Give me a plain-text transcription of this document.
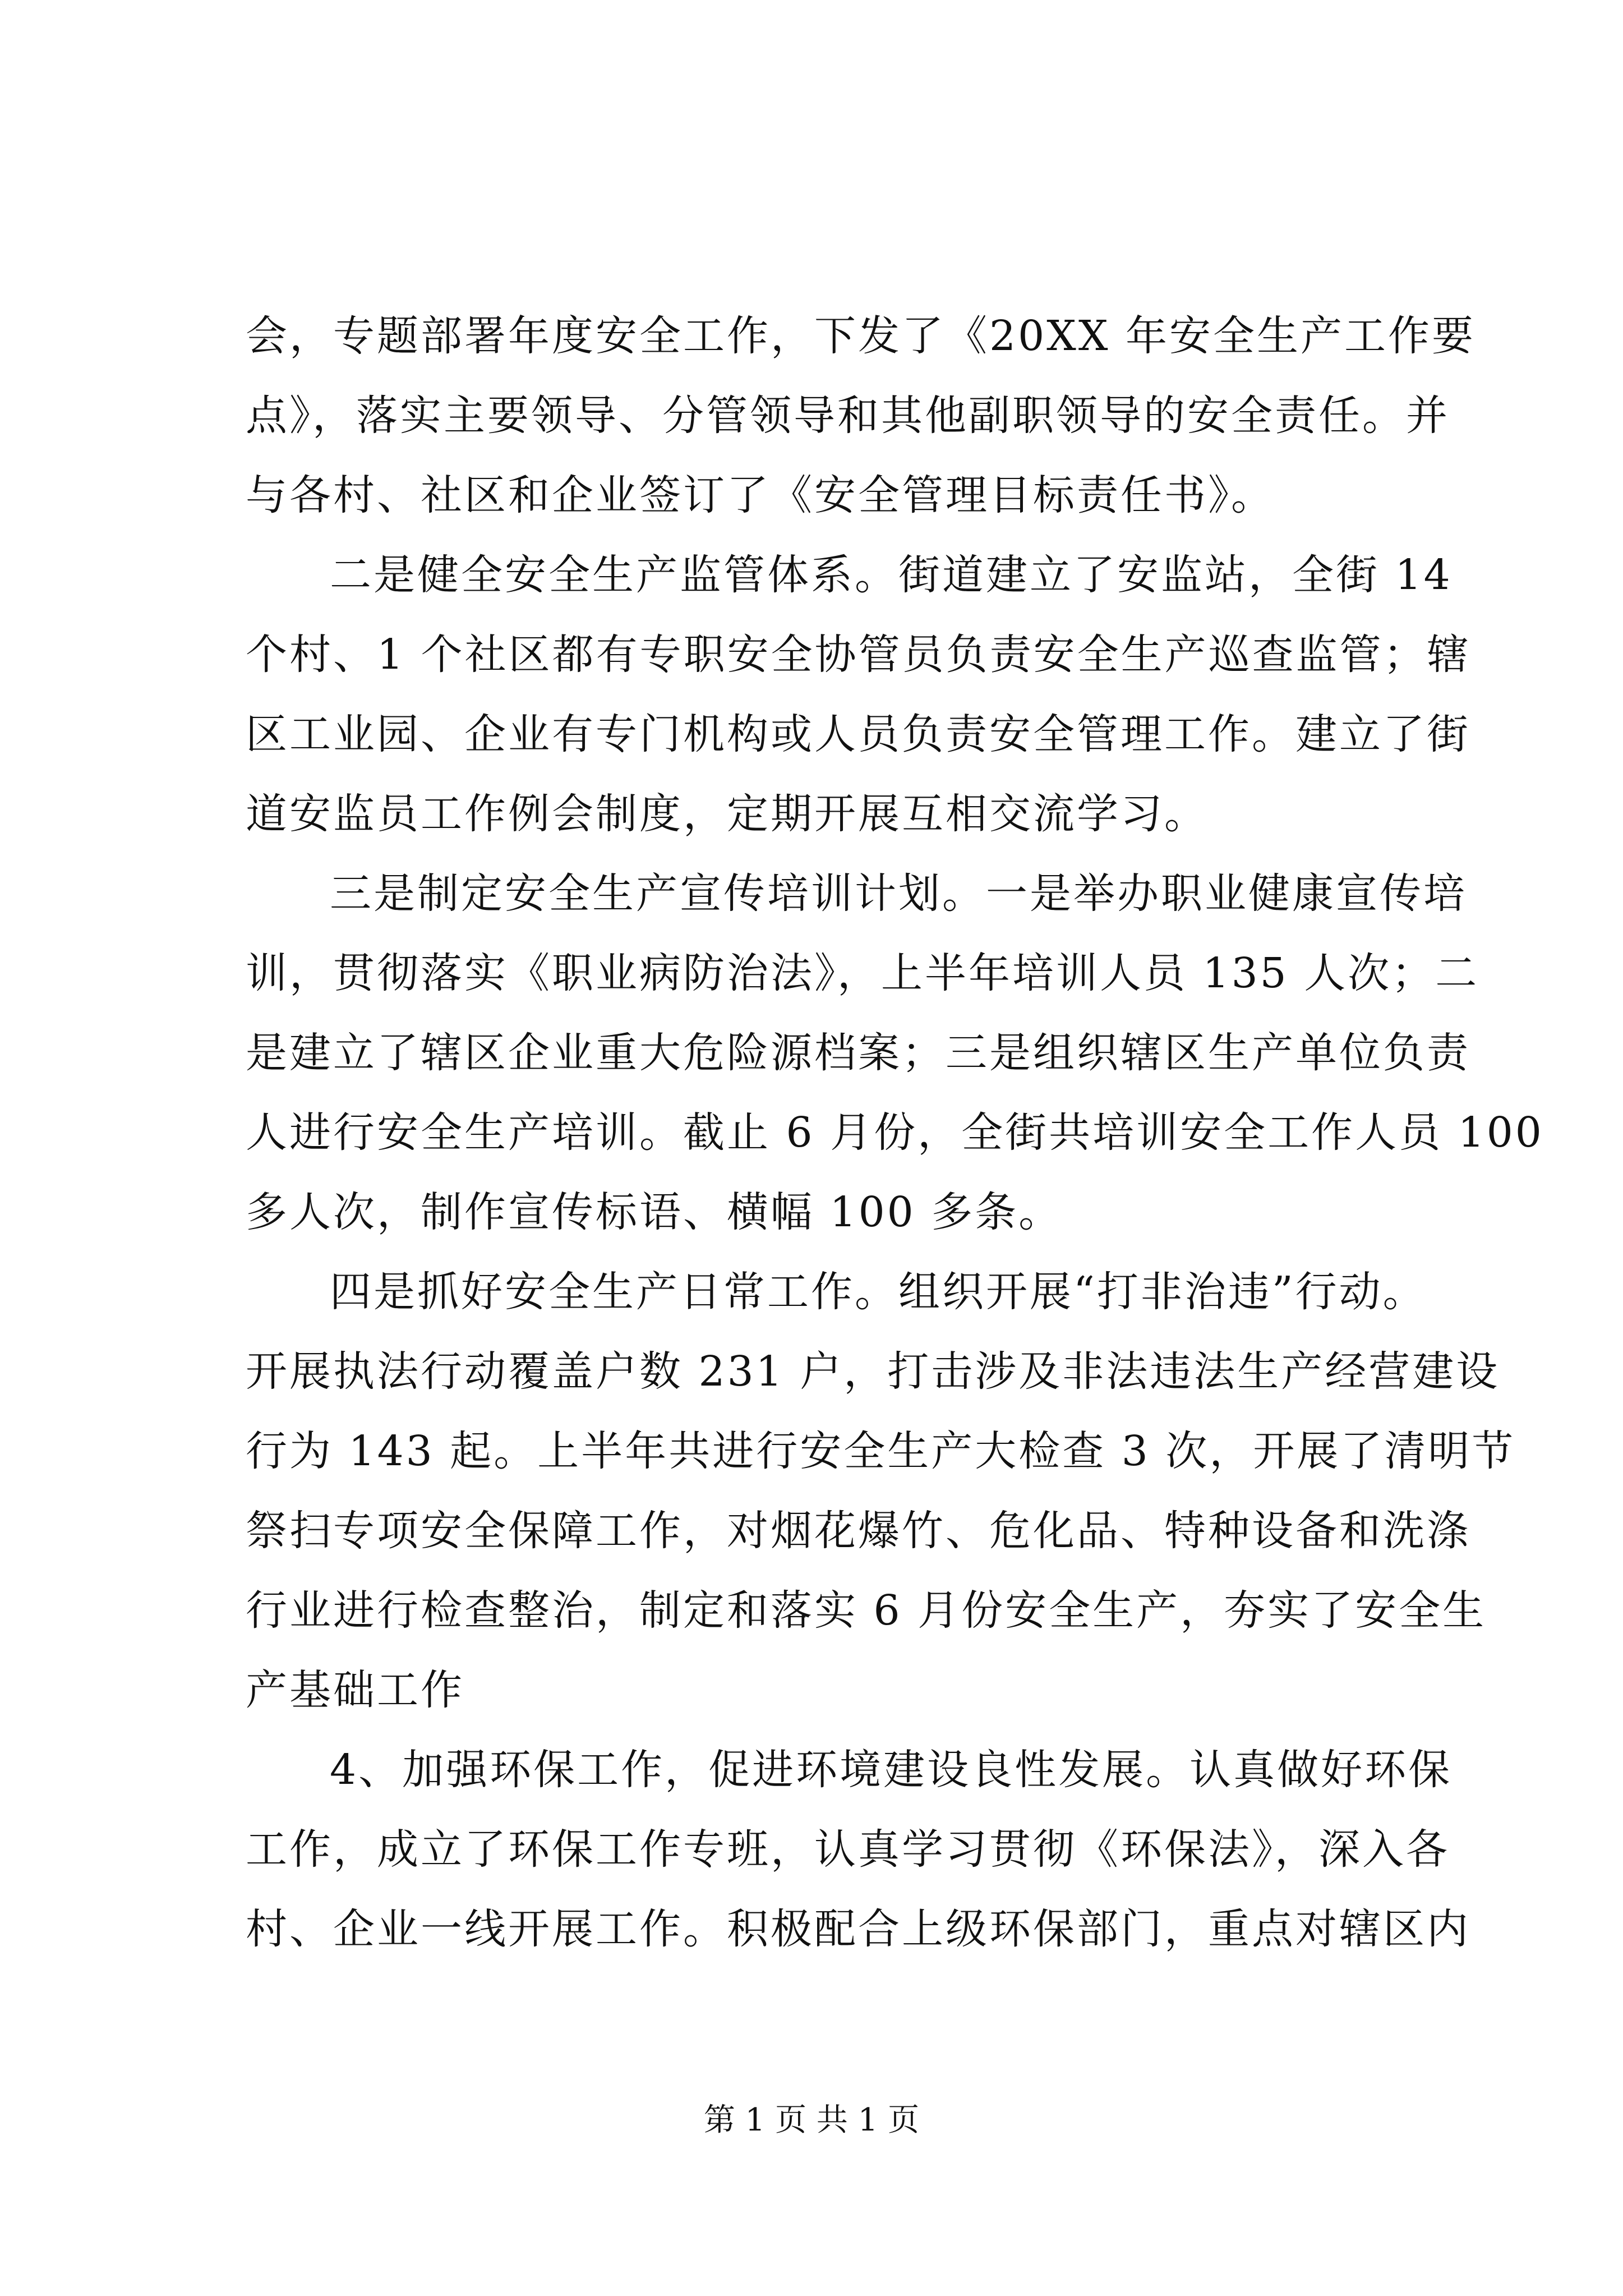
会，专题部署年度安全工作，下发了《20XX 年安全生产工作要
点》，落实主要领导、分管领导和其他副职领导的安全责任。并
与各村、社区和企业签订了《安全管理目标责任书》。

二是健全安全生产监管体系。街道建立了安监站，全街 14
个村、1 个社区都有专职安全协管员负责安全生产巡查监管；辖
区工业园、企业有专门机构或人员负责安全管理工作。建立了街
道安监员工作例会制度，定期开展互相交流学习。

三是制定安全生产宣传培训计划。一是举办职业健康宣传培
训，贯彻落实《职业病防治法》，上半年培训人员 135 人次；二
是建立了辖区企业重大危险源档案；三是组织辖区生产单位负责
人进行安全生产培训。截止 6 月份，全街共培训安全工作人员 100
多人次，制作宣传标语、横幅 100 多条。

四是抓好安全生产日常工作。组织开展“打非治违”行动。
开展执法行动覆盖户数 231 户，打击涉及非法违法生产经营建设
行为 143 起。上半年共进行安全生产大检查 3 次，开展了清明节
祭扫专项安全保障工作，对烟花爆竹、危化品、特种设备和洗涤
行业进行检查整治，制定和落实 6 月份安全生产，夯实了安全生
产基础工作

4、加强环保工作，促进环境建设良性发展。认真做好环保
工作，成立了环保工作专班，认真学习贯彻《环保法》，深入各
村、企业一线开展工作。积极配合上级环保部门，重点对辖区内

第 1 页 共 1 页
